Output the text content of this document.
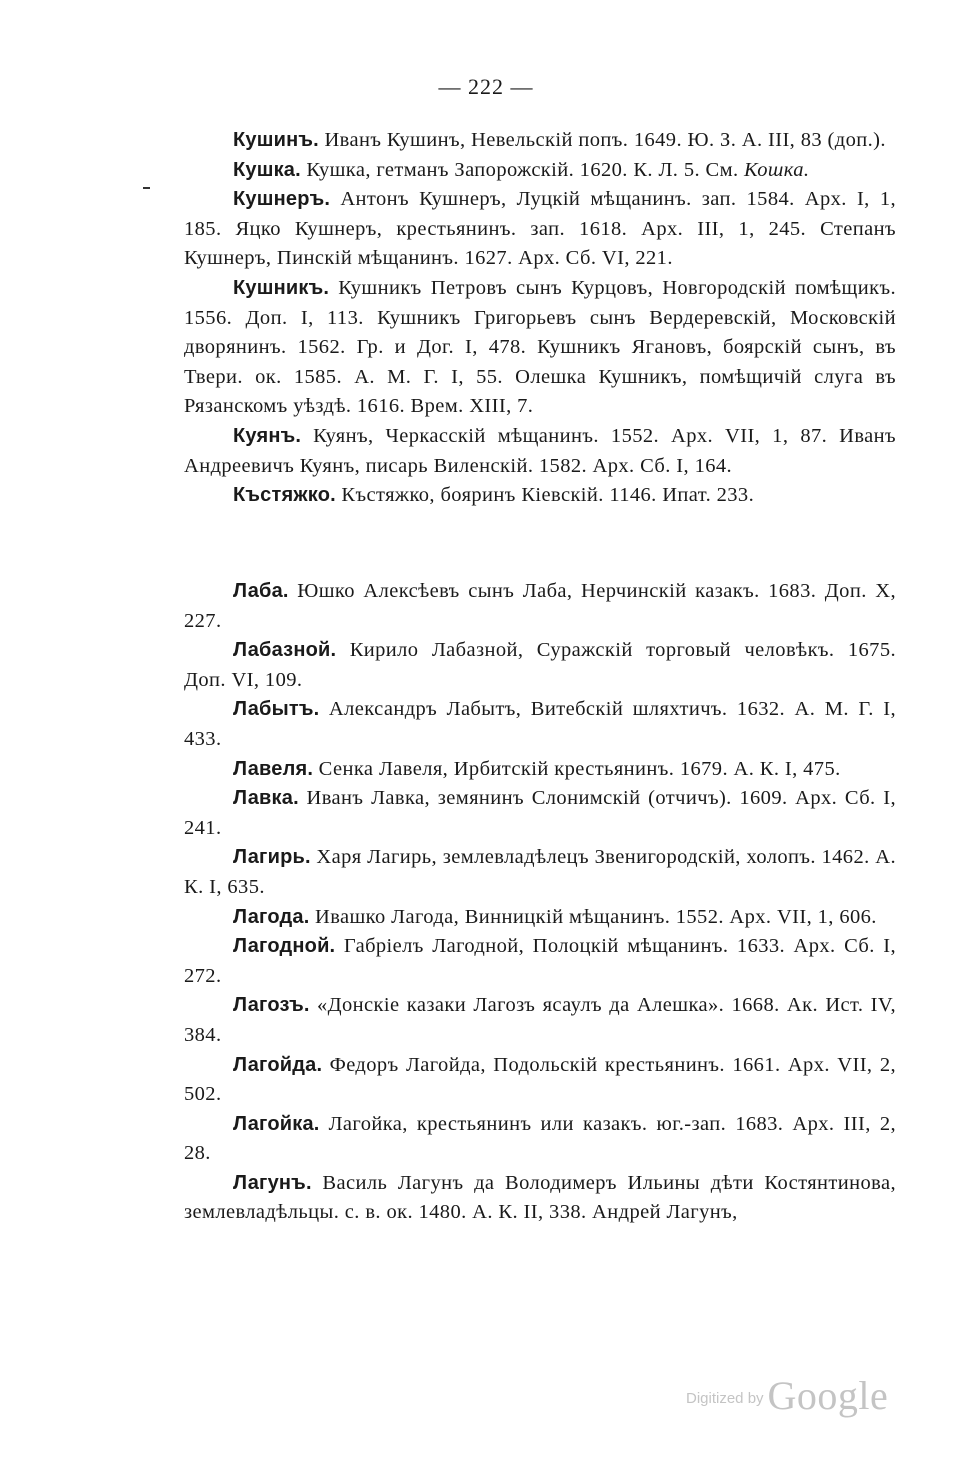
— 222 —

Кушинъ. Иванъ Кушинъ, Невельскій попъ. 1649. Ю. З. А. III, 83 (доп.).

Кушка. Кушка, гетманъ Запорожскій. 1620. К. Л. 5. См. Кошка.

Кушнеръ. Антонъ Кушнеръ, Луцкій мѣщанинъ. зап. 1584. Арх. I, 1, 185. Яцко Кушнеръ, крестьянинъ. зап. 1618. Арх. III, 1, 245. Степанъ Кушнеръ, Пинскій мѣщанинъ. 1627. Арх. Сб. VI, 221.

Кушникъ. Кушникъ Петровъ сынъ Курцовъ, Новгородскій помѣщикъ. 1556. Доп. I, 113. Кушникъ Григорьевъ сынъ Вердеревскій, Московскій дворянинъ. 1562. Гр. и Дог. I, 478. Кушникъ Ягановъ, боярскій сынъ, въ Твери. ок. 1585. А. М. Г. I, 55. Олешка Кушникъ, помѣщичій слуга въ Рязанскомъ уѣздѣ. 1616. Врем. XIII, 7.

Куянъ. Куянъ, Черкасскій мѣщанинъ. 1552. Арх. VII, 1, 87. Иванъ Андреевичъ Куянъ, писарь Виленскій. 1582. Арх. Сб. I, 164.

Къстяжко. Къстяжко, бояринъ Кіевскій. 1146. Ипат. 233.

Лаба. Юшко Алексѣевъ сынъ Лаба, Нерчинскій казакъ. 1683. Доп. X, 227.

Лабазной. Кирило Лабазной, Суражскій торговый человѣкъ. 1675. Доп. VI, 109.

Лабытъ. Александръ Лабытъ, Витебскій шляхтичъ. 1632. А. М. Г. I, 433.

Лавеля. Сенка Лавеля, Ирбитскій крестьянинъ. 1679. А. К. I, 475.

Лавка. Иванъ Лавка, земянинъ Слонимскій (отчичъ). 1609. Арх. Сб. I, 241.

Лагирь. Харя Лагирь, землевладѣлецъ Звенигородскій, холопъ. 1462. А. К. I, 635.

Лагода. Ивашко Лагода, Винницкій мѣщанинъ. 1552. Арх. VII, 1, 606.

Лагодной. Габріелъ Лагодной, Полоцкій мѣщанинъ. 1633. Арх. Сб. I, 272.

Лагозъ. «Донскіе казаки Лагозъ ясаулъ да Алешка». 1668. Ак. Ист. IV, 384.

Лагойда. Федоръ Лагойда, Подольскій крестьянинъ. 1661. Арх. VII, 2, 502.

Лагойка. Лагойка, крестьянинъ или казакъ. юг.-зап. 1683. Арх. III, 2, 28.

Лагунъ. Василь Лагунъ да Володимеръ Ильины дѣти Костянтинова, землевладѣльцы. с. в. ок. 1480. А. К. II, 338. Андрей Лагунъ,

Digitized by Google
